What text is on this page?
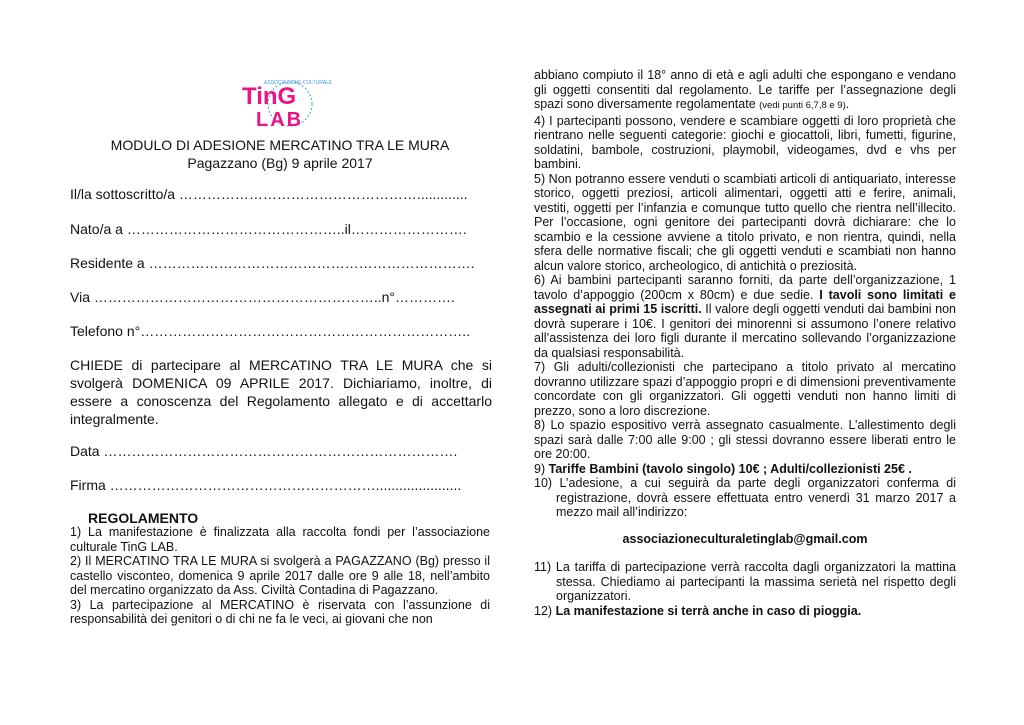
ASSOCIAZIONE CULTURALE
TinG
LAB
MODULO DI ADESIONE MERCATINO TRA LE MURA
Pagazzano (Bg) 9 aprile 2017
Il/la sottoscritto/a …………………………………………….............
Nato/a a ………………………………………..il…………………….
Residente a …………………………………………………………….
Via ……………………………………………………..n°………….
Telefono n°……………………………………………………………..
CHIEDE di partecipare al MERCATINO TRA LE MURA che si svolgerà DOMENICA 09 APRILE 2017. Dichiariamo, inoltre, di essere a conoscenza del Regolamento allegato e di accettarlo integralmente.
Data ………………………………………………………………….
Firma …………………………………………………......................
REGOLAMENTO
1) La manifestazione è finalizzata alla raccolta fondi per l’associazione culturale TinG LAB.
2) Il MERCATINO TRA LE MURA si svolgerà a PAGAZZANO (Bg) presso il castello visconteo, domenica 9 aprile 2017 dalle ore 9 alle 18, nell’ambito del mercatino organizzato da Ass. Civiltà Contadina di Pagazzano.
3) La partecipazione al MERCATINO è riservata con l’assunzione di responsabilità dei genitori o di chi ne fa le veci, ai giovani che non
abbiano compiuto il 18° anno di età e agli adulti che espongano e vendano gli oggetti consentiti dal regolamento. Le tariffe per l’assegnazione degli spazi sono diversamente regolamentate (vedi punti 6,7,8 e 9).
4) I partecipanti possono, vendere e scambiare oggetti di loro proprietà che rientrano nelle seguenti categorie: giochi e giocattoli, libri, fumetti, figurine, soldatini, bambole, costruzioni, playmobil, videogames, dvd e vhs per bambini.
5) Non potranno essere venduti o scambiati articoli di antiquariato, interesse storico, oggetti preziosi, articoli alimentari, oggetti atti e ferire, animali, vestiti, oggetti per l’infanzia e comunque tutto quello che rientra nell’illecito. Per l’occasione, ogni genitore dei partecipanti dovrà dichiarare: che lo scambio e la cessione avviene a titolo privato, e non rientra, quindi, nella sfera delle normative fiscali; che gli oggetti venduti e scambiati non hanno alcun valore storico, archeologico, di antichità o preziosità.
6) Ai bambini partecipanti saranno forniti, da parte dell’organizzazione, 1 tavolo d’appoggio (200cm x 80cm) e due sedie. I tavoli sono limitati e assegnati ai primi 15 iscritti. Il valore degli oggetti venduti dai bambini non dovrà superare i 10€. I genitori dei minorenni si assumono l’onere relativo all’assistenza dei loro figli durante il mercatino sollevando l’organizzazione da qualsiasi responsabilità.
7) Gli adulti/collezionisti che partecipano a titolo privato al mercatino dovranno utilizzare spazi d’appoggio propri e di dimensioni preventivamente concordate con gli organizzatori. Gli oggetti venduti non hanno limiti di prezzo, sono a loro discrezione.
8) Lo spazio espositivo verrà assegnato casualmente. L’allestimento degli spazi sarà dalle 7:00 alle 9:00 ; gli stessi dovranno essere liberati entro le ore 20:00.
9) Tariffe Bambini (tavolo singolo) 10€ ; Adulti/collezionisti 25€ .
10) L’adesione, a cui seguirà da parte degli organizzatori conferma di registrazione, dovrà essere effettuata entro venerdì 31 marzo 2017 a mezzo mail all’indirizzo:
associazioneculturaletinglab@gmail.com
11) La tariffa di partecipazione verrà raccolta dagli organizzatori la mattina stessa. Chiediamo ai partecipanti la massima serietà nel rispetto degli organizzatori.
12) La manifestazione si terrà anche in caso di pioggia.
